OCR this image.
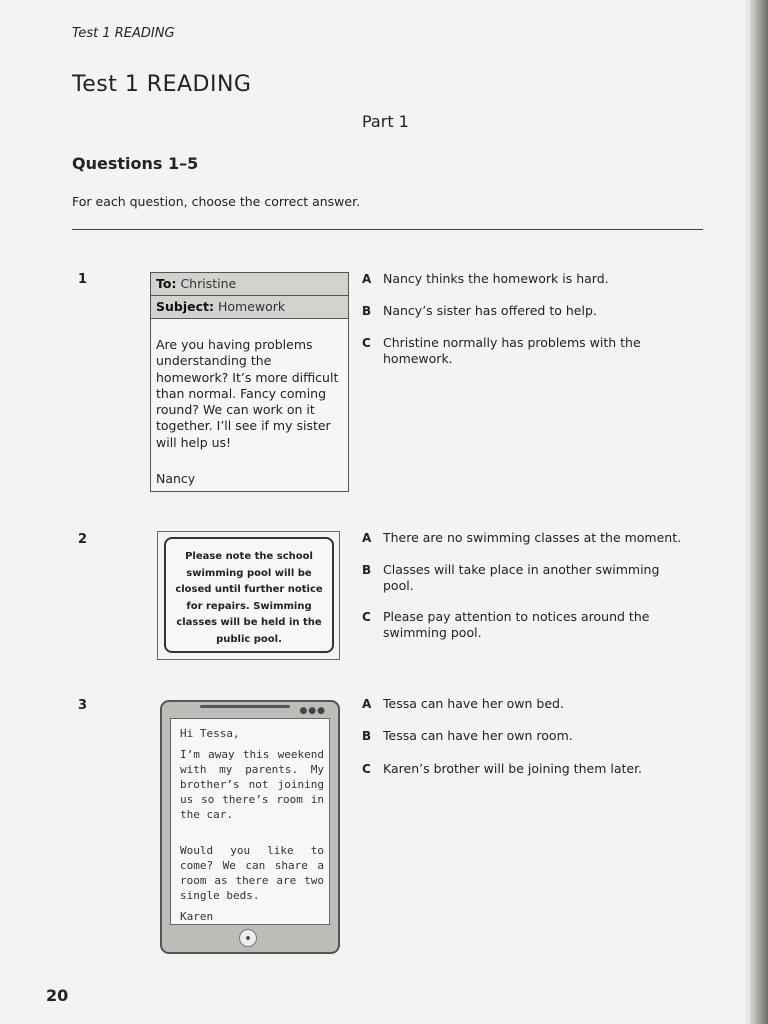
Test 1 READING
Test 1 READING
Part 1
Questions 1–5
For each question, choose the correct answer.
1	To: Christine
Subject: Homework
Are you having problems understanding the homework? It’s more difficult than normal. Fancy coming round? We can work on it together. I’ll see if my sister will help us!
Nancy
A Nancy thinks the homework is hard.
B Nancy’s sister has offered to help.
C Christine normally has problems with the homework.
2
Please note the school swimming pool will be closed until further notice for repairs. Swimming classes will be held in the public pool.
A There are no swimming classes at the moment.
B Classes will take place in another swimming pool.
C Please pay attention to notices around the swimming pool.
3	●●●
Hi Tessa,
I’m away this weekend with my parents. My brother’s not joining us so there’s room in the car.
Would you like to come? We can share a room as there are two single beds.
Karen
A Tessa can have her own bed.
B Tessa can have her own room.
C Karen’s brother will be joining them later.
20
